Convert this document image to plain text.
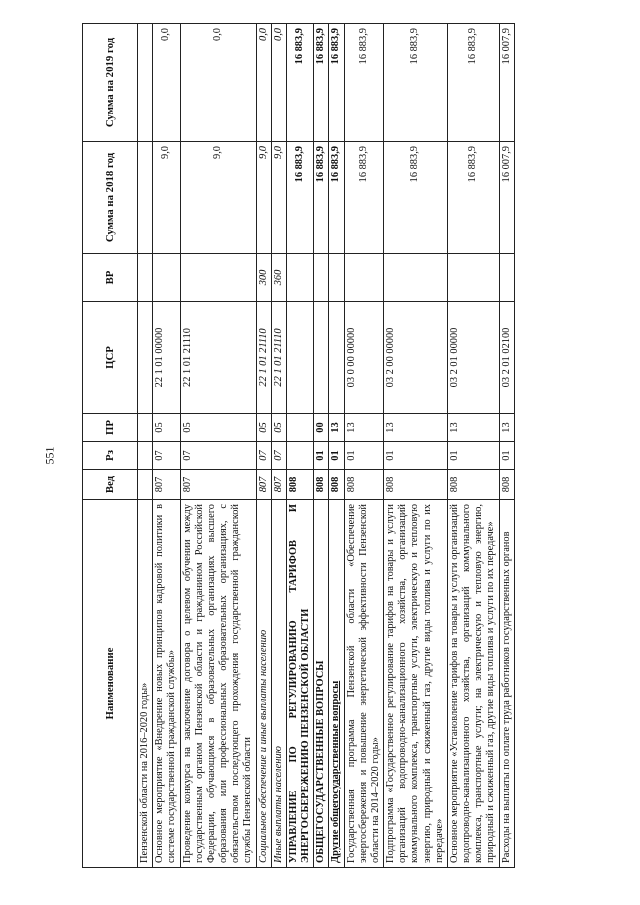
551
Наименование	Вед	Рз	ПР	ЦСР	ВР	Сумма на 2018 год	Сумма на 2019 год
Пензенской области на 2016–2020 годы»							
Основное мероприятие «Внедрение новых принципов кадровой политики в системе государственной гражданской службы»	807	07	05	22 1 01 00000		9,0	0,0
Проведение конкурса на заключение договора о целевом обучении между государственным органом Пензенской области и гражданином Российской Федерации, обучающимся в образовательных организациях высшего образования или профессиональных образовательных организациях, с обязательством последующего прохождения государственной гражданской службы Пензенской области	807	07	05	22 1 01 21110		9,0	0,0
Социальное обеспечение и иные выплаты населению	807	07	05	22 1 01 21110	300	9,0	0,0
Иные выплаты населению	807	07	05	22 1 01 21110	360	9,0	0,0
УПРАВЛЕНИЕ ПО РЕГУЛИРОВАНИЮ ТАРИФОВ И ЭНЕРГОСБЕРЕЖЕНИЮ ПЕНЗЕНСКОЙ ОБЛАСТИ	808					16 883,9	16 883,9
ОБЩЕГОСУДАРСТВЕННЫЕ ВОПРОСЫ	808	01	00			16 883,9	16 883,9
Другие общегосударственные вопросы	808	01	13			16 883,9	16 883,9
Государственная программа Пензенской области «Обеспечение энергосбережения и повышение энергетической эффективности Пензенской области на 2014–2020 годы»	808	01	13	03 0 00 00000		16 883,9	16 883,9
Подпрограмма «Государственное регулирование тарифов на товары и услуги организаций водопроводно-канализационного хозяйства, организаций коммунального комплекса, транспортные услуги, электрическую и тепловую энергию, природный и сжиженный газ, другие виды топлива и услуги по их передаче»	808	01	13	03 2 00 00000		16 883,9	16 883,9
Основное мероприятие «Установление тарифов на товары и услуги организаций водопроводно-канализационного хозяйства, организаций коммунального комплекса, транспортные услуги; на электрическую и тепловую энергию, природный и сжиженный газ, другие виды топлива и услуги по их передаче»	808	01	13	03 2 01 00000		16 883,9	16 883,9
Расходы на выплаты по оплате труда работников государственных органов	808	01	13	03 2 01 02100		16 007,9	16 007,9
